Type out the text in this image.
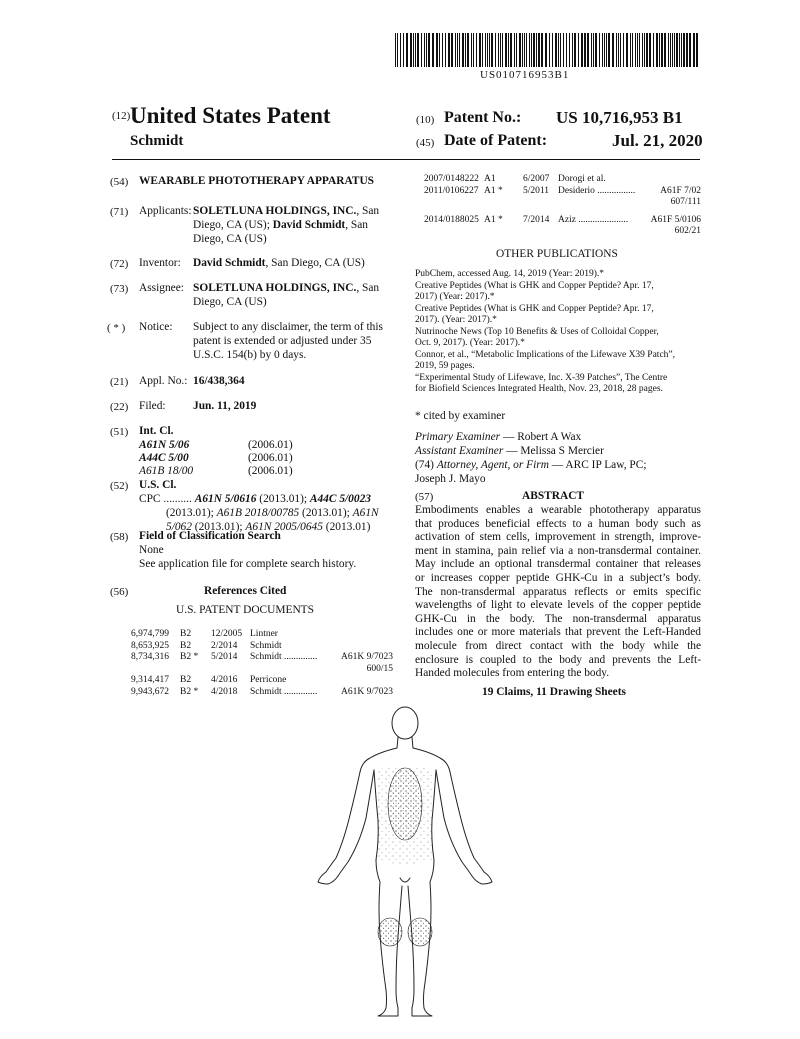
US010716953B1
(12) United States Patent
Schmidt
(10) Patent No.: US 10,716,953 B1
(45) Date of Patent:	Jul. 21, 2020
(54) WEARABLE PHOTOTHERAPY APPARATUS
(71) Applicants: SOLETLUNA HOLDINGS, INC., San
Diego, CA (US); David Schmidt, San
Diego, CA (US)
(72) Inventor: David Schmidt, San Diego, CA (US)
(73) Assignee: SOLETLUNA HOLDINGS, INC., San
Diego, CA (US)
( * ) Notice: Subject to any disclaimer, the term of this
patent is extended or adjusted under 35
U.S.C. 154(b) by 0 days.
(21) Appl. No.: 16/438,364
(22) Filed: Jun. 11, 2019
(51) Int. Cl.
A61N 5/06	(2006.01)
A44C 5/00	(2006.01)
A61B 18/00	(2006.01)
(52) U.S. Cl.
CPC .......... A61N 5/0616 (2013.01); A44C 5/0023
(2013.01); A61B 2018/00785 (2013.01); A61N
5/062 (2013.01); A61N 2005/0645 (2013.01)
(58) Field of Classification Search
None
See application file for complete search history.
(56)	References Cited
U.S. PATENT DOCUMENTS
6,974,799 B2 12/2005 Lintner
8,653,925 B2 2/2014 Schmidt
8,734,316 B2 * 5/2014 Schmidt ..............	A61K 9/7023
600/15
9,314,417 B2 4/2016 Perricone
9,943,672 B2 * 4/2018 Schmidt ..............	A61K 9/7023
2007/0148222 A1	6/2007 Dorogi et al.
2011/0106227 A1 * 5/2011 Desiderio ................	A61F 7/02
607/111
2014/0188025 A1 * 7/2014 Aziz .....................	A61F 5/0106
602/21
OTHER PUBLICATIONS
PubChem, accessed Aug. 14, 2019 (Year: 2019).*
Creative Peptides (What is GHK and Copper Peptide? Apr. 17,
2017) (Year: 2017).*
Creative Peptides (What is GHK and Copper Peptide? Apr. 17,
2017). (Year: 2017).*
Nutrinoche News (Top 10 Benefits & Uses of Colloidal Copper,
Oct. 9, 2017). (Year: 2017).*
Connor, et al., “Metabolic Implications of the Lifewave X39 Patch”,
2019, 59 pages.
“Experimental Study of Lifewave, Inc. X-39 Patches”, The Centre
for Biofield Sciences Integrated Health, Nov. 23, 2018, 28 pages.
* cited by examiner
Primary Examiner — Robert A Wax
Assistant Examiner — Melissa S Mercier
(74) Attorney, Agent, or Firm — ARC IP Law, PC;
Joseph J. Mayo
(57)	ABSTRACT
Embodiments enables a wearable phototherapy apparatus
that produces beneficial effects to a human body such as
activation of stem cells, improvement in strength, improve-
ment in stamina, pain relief via a non-transdermal container.
May include an optional transdermal container that releases
or increases copper peptide GHK-Cu in a subject’s body.
The non-transdermal apparatus reflects or emits specific
wavelengths of light to elevate levels of the copper peptide
GHK-Cu in the body. The non-transdermal apparatus
includes one or more materials that prevent the Left-Handed
molecule from direct contact with the body while the
enclosure is coupled to the body and prevents the Left-
Handed molecules from entering the body.
19 Claims, 11 Drawing Sheets
